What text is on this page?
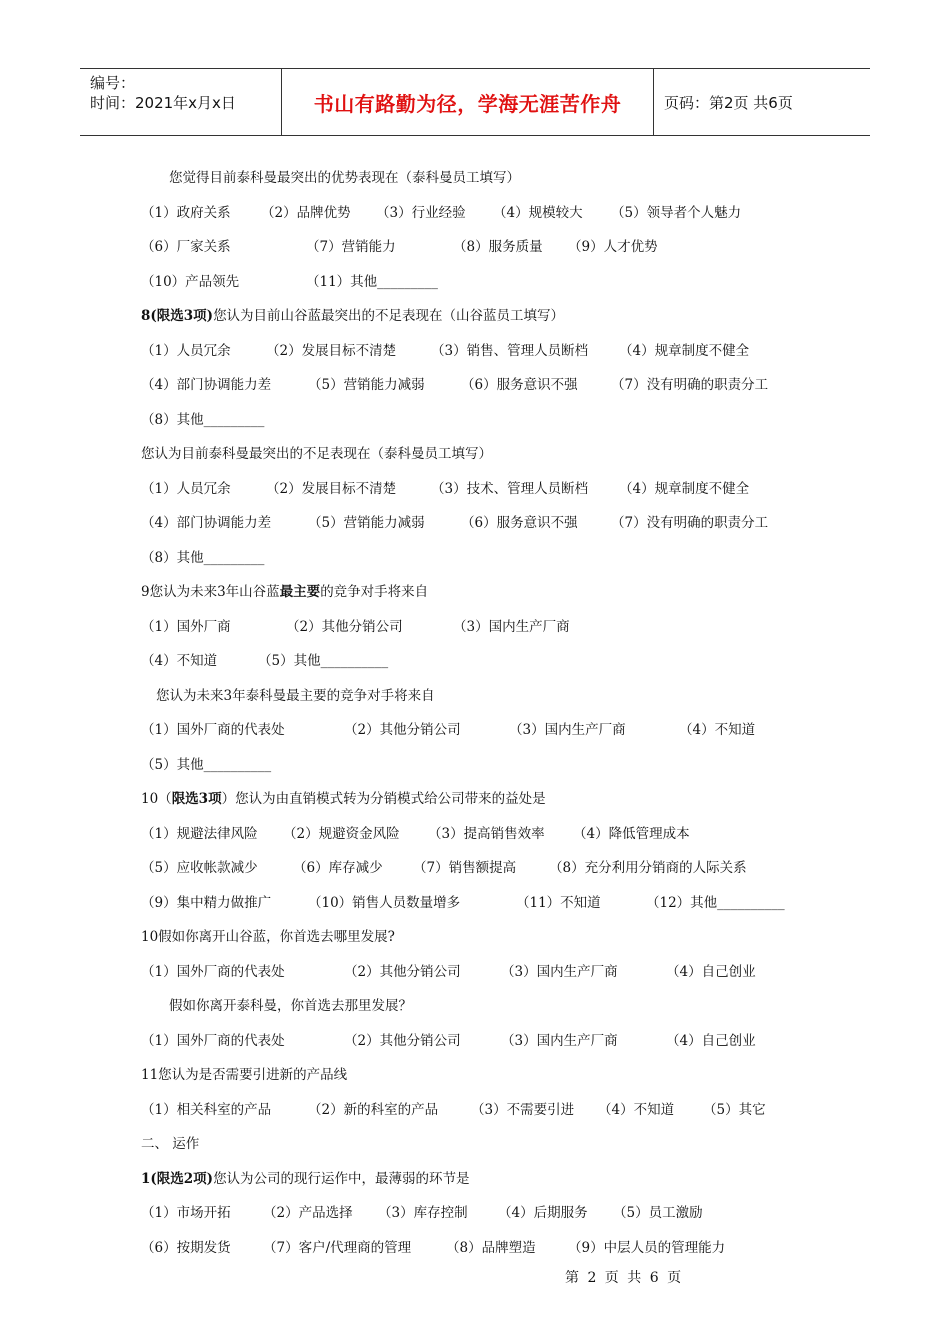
编号：
时间：2021年x月x日	书山有路勤为径，学海无涯苦作舟	页码：第2页 共6页
您觉得目前泰科曼最突出的优势表现在（泰科曼员工填写）
（1）政府关系 （2）品牌优势 （3）行业经验 （4）规模较大 （5）领导者个人魅力
（6）厂家关系	（7）营销能力	（8）服务质量 （9）人才优势
（10）产品领先	（11）其他_________
8(限选3项)您认为目前山谷蓝最突出的不足表现在（山谷蓝员工填写）
（1）人员冗余	（2）发展目标不清楚	（3）销售、管理人员断档 （4）规章制度不健全
（4）部门协调能力差	（5）营销能力减弱	（6）服务意识不强 （7）没有明确的职责分工
（8）其他_________
您认为目前泰科曼最突出的不足表现在（泰科曼员工填写）
（1）人员冗余	（2）发展目标不清楚	（3）技术、管理人员断档 （4）规章制度不健全
（4）部门协调能力差	（5）营销能力减弱	（6）服务意识不强 （7）没有明确的职责分工
（8）其他_________
9您认为未来3年山谷蓝最主要的竞争对手将来自
（1）国外厂商	（2）其他分销公司	（3）国内生产厂商
（4）不知道	（5）其他__________
您认为未来3年泰科曼最主要的竞争对手将来自
（1）国外厂商的代表处	（2）其他分销公司	（3）国内生产厂商	（4）不知道
（5）其他__________
10（限选3项）您认为由直销模式转为分销模式给公司带来的益处是
（1）规避法律风险 （2）规避资金风险 （3）提高销售效率 （4）降低管理成本
（5）应收帐款减少	（6）库存减少 （7）销售额提高 （8）充分利用分销商的人际关系
（9）集中精力做推广	（10）销售人员数量增多	（11）不知道	（12）其他__________
10假如你离开山谷蓝，你首选去哪里发展?
（1）国外厂商的代表处	（2）其他分销公司	（3）国内生产厂商	（4）自己创业
假如你离开泰科曼，你首选去那里发展？
（1）国外厂商的代表处	（2）其他分销公司	（3）国内生产厂商	（4）自己创业
11您认为是否需要引进新的产品线
（1）相关科室的产品	（2）新的科室的产品 （3）不需要引进 （4）不知道 （5）其它
二、 运作
1(限选2项)您认为公司的现行运作中，最薄弱的环节是
（1）市场开拓 （2）产品选择 （3）库存控制 （4）后期服务 （5）员工激励
（6）按期发货 （7）客户/代理商的管理	（8）品牌塑造 （9）中层人员的管理能力
第 2 页 共 6 页
